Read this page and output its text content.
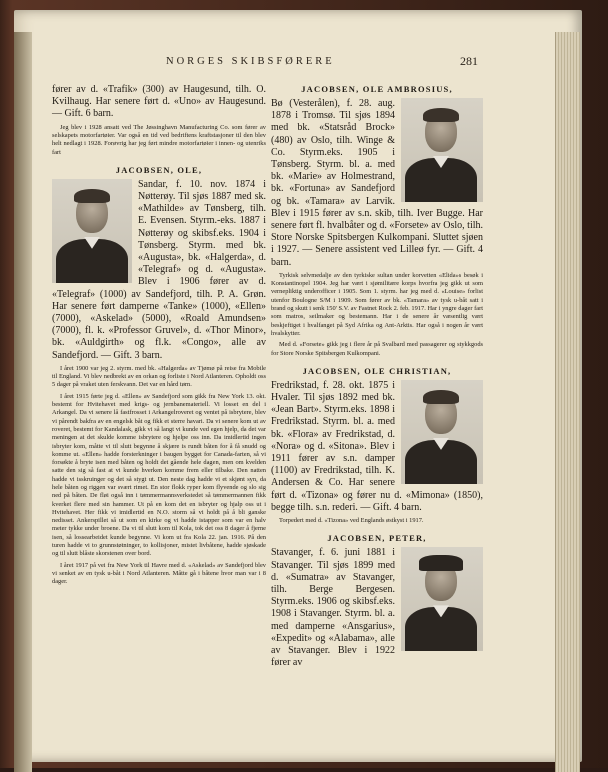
NORGES SKIBSFØRERE	281

fører av d. «Trafik» (300) av Haugesund, tilh. O. Kvilhaug. Har senere ført d. «Uno» av Haugesund. — Gift. 6 barn.

Jeg blev i 1928 ansatt ved The Jøssinghavn Manufacturing Co. som fører av selskapets motorfartøier. Var også en tid ved bedriftens kraftstasjoner til den blev helt nedlagt i 1928. Forøvrig har jeg ført mindre motorfartøier i innen- og utenriks fart

JACOBSEN, OLE,

Sandar, f. 10. nov. 1874 i Nøtterøy. Til sjøs 1887 med sk. «Mathilde» av Tønsberg, tilh. E. Evensen. Styrm.-eks. 1887 i Nøtterøy og skibsf.eks. 1904 i Tønsberg. Styrm. med bk. «Augusta», bk. «Halgerda», d. «Telegraf» og d. «Augusta». Blev i 1906 fører av d. «Telegraf» (1000) av Sandefjord, tilh. P. A. Grøn. Har senere ført damperne «Tanke» (1000), «Ellen» (7000), «Askelad» (5000), «Roald Amundsen» (7000), fl. k. «Professor Gruvel», d. «Thor Minor», bk. «Auldgirth» og fl.k. «Congo», alle av Sandefjord. — Gift. 3 barn.

I året 1900 var jeg 2. styrm. med bk. «Halgerda» av Tjømø på reise fra Mobile til England. Vi blev nedbrekt av en orkan og forliste i Nord Atlanteren. Opholdt oss 5 dager på vraket uten ferskvann. Det var en hård tørn.

I året 1915 førte jeg d. «Ellen» av Sandefjord som gikk fra New York 13. okt. bestemt for Hvitehavet med krigs- og jernbanemateriell. Vi losset en del i Arkangel. Da vi senere lå fastfrosset i Arkangelroveret og ventet på isbrytere, blev vi pårendt bakfra av en engelsk båt og fikk et sterre havari. Da vi senere kom ut av roveret, bestemt for Kandalask, gikk vi så langt vi kunde ved egen hjelp, da det var meningen at det skulde komme isbrytere og hjelpe oss inn. Da imidlertid ingen isbryter kom, måtte vi til slutt begynne å skjære is rundt båten for å få snudd og komme ut. «Ellen» hadde forsterkninger i baugen bygget for Canada-farten, så vi forsøkte å bryte isen med båten og holdt det gående hele dagen, men om kvelden satte den sig så fast at vi kunde hverken komme frem eller tilbake. Den natten hadde vi isskruinger og det så stygt ut. Den neste dag hadde vi et skjønt syn, da hele båten og riggen var svært rimet. En stor flokk ryper kom flyvende og slo sig ned på båten. De fløi også inn i tømmermannsverkstedet så tømmermannen fikk kverket flere med sin hammer. Ut på en kom det en isbryter og hjalp oss ut i Hvitehavet. Her fikk vi imidlertid en N.O. storm så vi holdt på å bli ganske nedisset. Ankerspillet så ut som en kirke og vi hadde istapper som var en halv meter tykke under broene. Da vi til slutt kom til Kola, tok det oss 8 dager å fjerne isen, så lossearbeidet kunde begynne. Vi kom ut fra Kola 22. jan. 1916. På den turen hadde vi to grunnstøtninger, to kollisjoner, mistet livbåtene, hadde sjøskade og til slutt blåste skorstenen over bord.

I året 1917 på vei fra New York til Havre med d. «Askelad» av Sandefjord blev vi senket av en tysk u-båt i Nord Atlanteren. Måtte gå i båtene hvor man var i 8 dager.

JACOBSEN, OLE AMBROSIUS,

Bø (Vesterålen), f. 28. aug. 1878 i Tromsø. Til sjøs 1894 med bk. «Statsråd Brock» (480) av Oslo, tilh. Winge & Co. Styrm.eks. 1905 i Tønsberg. Styrm. bl. a. med bk. «Marie» av Holmestrand, bk. «Fortuna» av Sandefjord og bk. «Tamara» av Larvik. Blev i 1915 fører av s.n. skib, tilh. Iver Bugge. Har senere ført fl. hvalbåter og d. «Forsete» av Oslo, tilh. Store Norske Spitsbergen Kulkompani. Sluttet sjøen i 1927. — Senere assistent ved Lilleø fyr. — Gift. 4 barn.

Tyrkisk selvmedalje av den tyrkiske sultan under korvetten «Elida»s besøk i Konstantinopel 1904. Jeg har vært i sjømilitære korps hvorfra jeg gikk ut som vernepliktig underofficer i 1905. Som 1. styrm. har jeg med d. «Louise» forlist utenfor Boulogne S/M i 1909. Som fører av bk. «Tamara» av tysk u-båt satt i brand og skutt i senk 150' S.V. av Fastnet Rock 2. feb. 1917. Har i yngre dager fart som matros, seilmaker og bestemann. Har i de senere år væsentlig vært beskjeftiget i hvalfanget på Syd Afrika og Ant-Arktis. Har også i nogen år vært hvalskytter.

Med d. «Forsete» gikk jeg i flere år på Svalbard med passagerer og stykkgods for Store Norske Spitsbergen Kulkompani.

JACOBSEN, OLE CHRISTIAN,

Fredrikstad, f. 28. okt. 1875 i Hvaler. Til sjøs 1892 med bk. «Jean Bart». Styrm.eks. 1898 i Fredrikstad. Styrm. bl. a. med bk. «Flora» av Fredrikstad, d. «Nora» og d. «Sitona». Blev i 1911 fører av s.n. damper (1100) av Fredrikstad, tilh. K. Andersen & Co. Har senere ført d. «Tizona» og fører nu d. «Mimona» (1850), begge tilh. s.n. rederi. — Gift. 4 barn.

Torpedert med d. «Tizona» ved Englands østkyst i 1917.

JACOBSEN, PETER,

Stavanger, f. 6. juni 1881 i Stavanger. Til sjøs 1899 med d. «Sumatra» av Stavanger, tilh. Berge Bergesen. Styrm.eks. 1906 og skibsf.eks. 1908 i Stavanger. Styrm. bl. a. med damperne «Ansgarius», «Expedit» og «Alabama», alle av Stavanger. Blev i 1922 fører av
